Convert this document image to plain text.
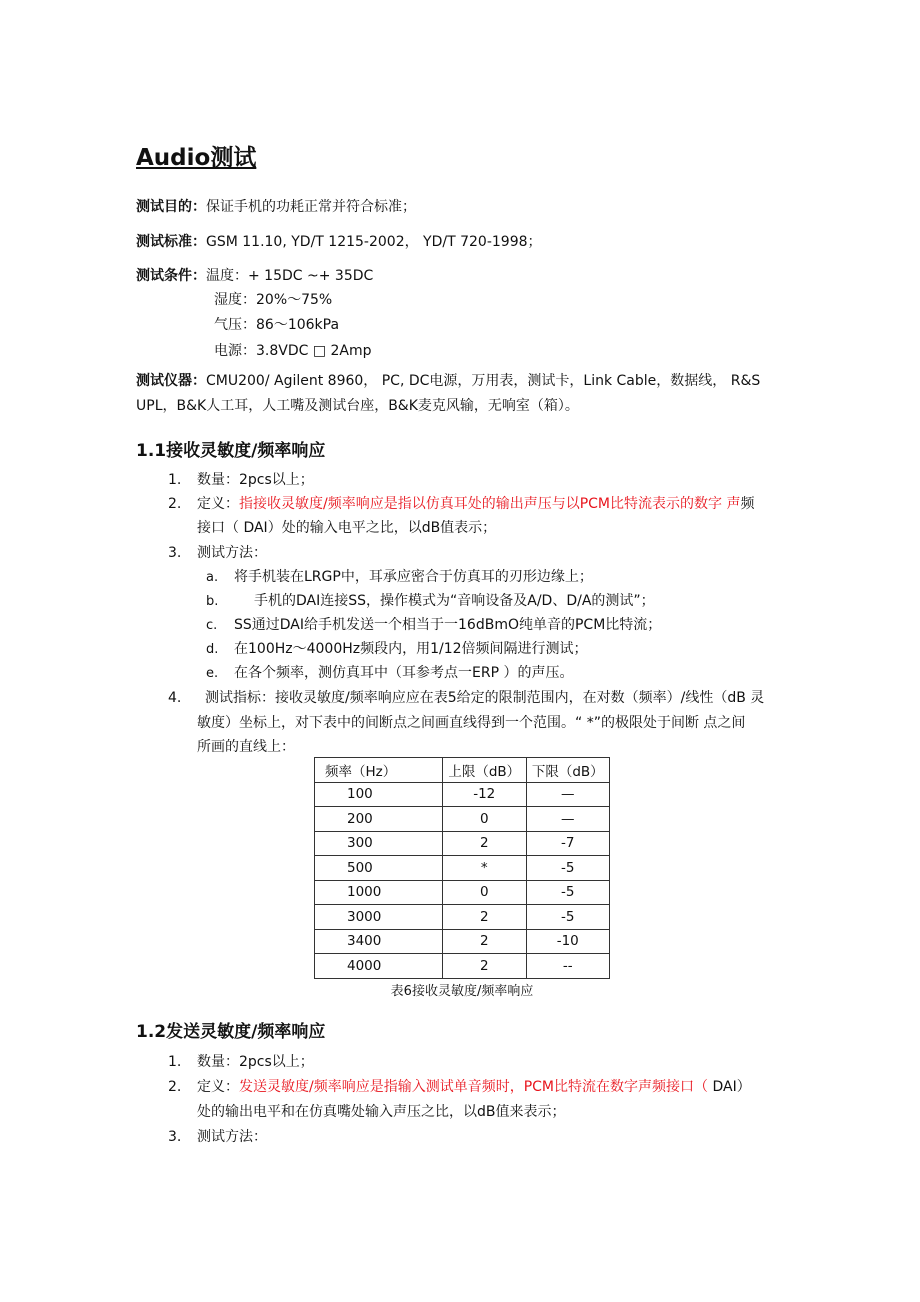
Audio测试
测试目的：保证手机的功耗正常并符合标准；
测试标准：GSM 11.10, YD/T 1215-2002， YD/T 720-1998；
测试条件：温度：+ 15DC ~+ 35DC
湿度：20%～75%
气压：86～106kPa
电源：3.8VDC □ 2Amp
测试仪器：CMU200/ Agilent 8960， PC, DC电源，万用表，测试卡，Link Cable，数据线， R&S
UPL，B&K人工耳，人工嘴及测试台座，B&K麦克风输，无响室（箱）。
1.1接收灵敏度/频率响应
1. 数量：2pcs以上；
2. 定义：指接收灵敏度/频率响应是指以仿真耳处的输出声压与以PCM比特流表示的数字 声频
接口（ DAI）处的输入电平之比，以dB值表示；
3. 测试方法：
a. 将手机装在LRGP中，耳承应密合于仿真耳的刃形边缘上；
b.	手机的DAI连接SS，操作模式为“音响设备及A/D、D/A的测试”；
c. SS通过DAI给手机发送一个相当于一16dBmO纯单音的PCM比特流；
d. 在100Hz～4000Hz频段内，用1/12倍频间隔进行测试；
e. 在各个频率，测仿真耳中（耳参考点一ERP ）的声压。
4. 测试指标：接收灵敏度/频率响应应在表5给定的限制范围内，在对数（频率）/线性（dB 灵
敏度）坐标上，对下表中的间断点之间画直线得到一个范围。“ *”的极限处于间断 点之间
所画的直线上：
频率（Hz）	上限（dB）	下限（dB）
100	-12	—
200	0	—
300	2	-7
500	*	-5
1000	0	-5
3000	2	-5
3400	2	-10
4000	2	--
表6接收灵敏度/频率响应
1.2发送灵敏度/频率响应
1. 数量：2pcs以上；
2. 定义：发送灵敏度/频率响应是指输入测试单音频时，PCM比特流在数字声频接口（ DAI）
处的输出电平和在仿真嘴处输入声压之比，以dB值来表示；
3. 测试方法：
